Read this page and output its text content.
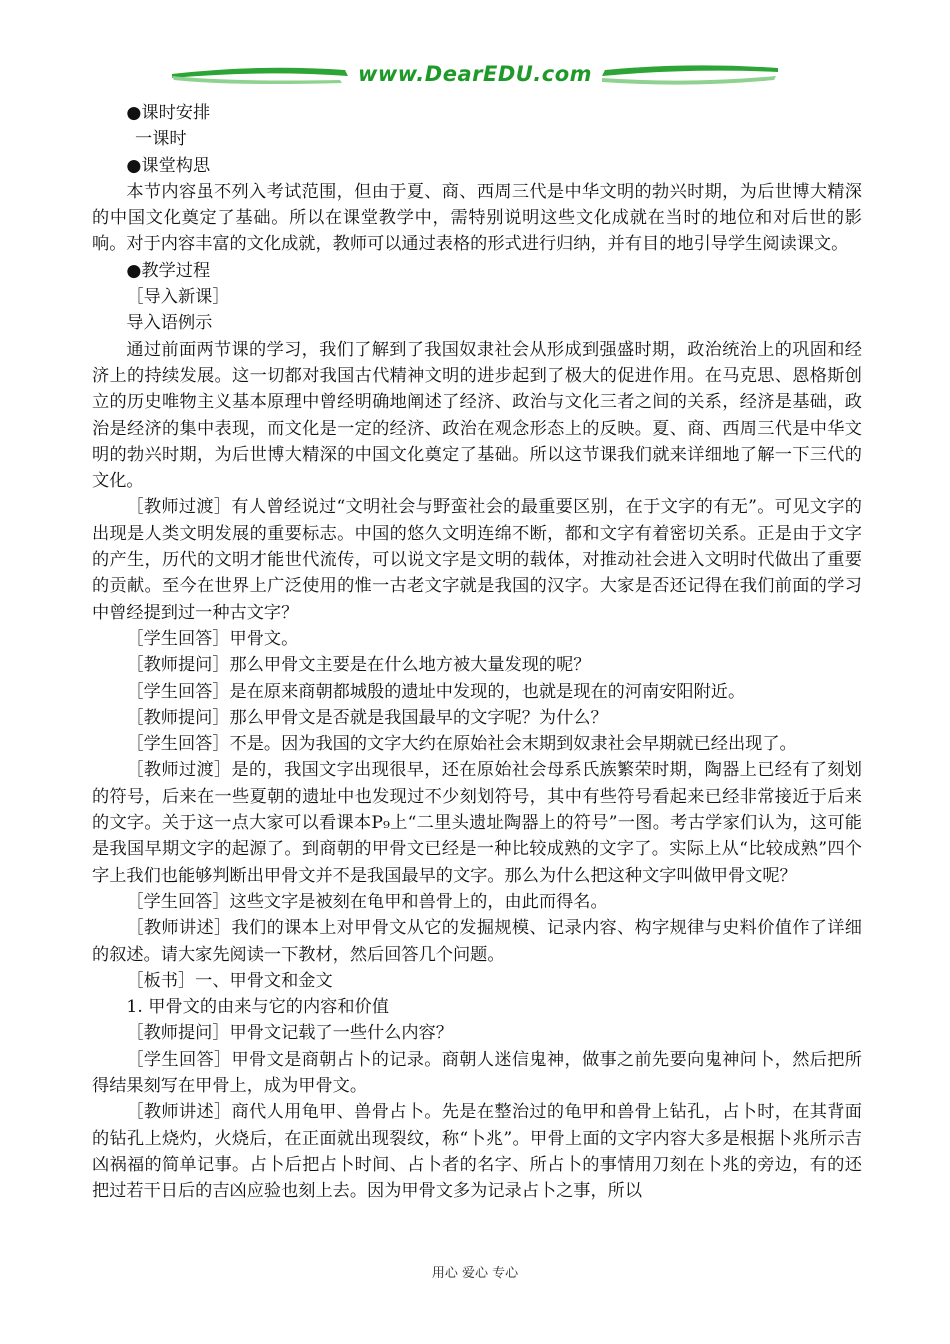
www.DearEDU.com

●课时安排

一课时

●课堂构思

本节内容虽不列入考试范围，但由于夏、商、西周三代是中华文明的勃兴时期，为后世博大精深的中国文化奠定了基础。所以在课堂教学中，需特别说明这些文化成就在当时的地位和对后世的影响。对于内容丰富的文化成就，教师可以通过表格的形式进行归纳，并有目的地引导学生阅读课文。

●教学过程

［导入新课］

导入语例示

通过前面两节课的学习，我们了解到了我国奴隶社会从形成到强盛时期，政治统治上的巩固和经济上的持续发展。这一切都对我国古代精神文明的进步起到了极大的促进作用。在马克思、恩格斯创立的历史唯物主义基本原理中曾经明确地阐述了经济、政治与文化三者之间的关系，经济是基础，政治是经济的集中表现，而文化是一定的经济、政治在观念形态上的反映。夏、商、西周三代是中华文明的勃兴时期，为后世博大精深的中国文化奠定了基础。所以这节课我们就来详细地了解一下三代的文化。

［教师过渡］有人曾经说过“文明社会与野蛮社会的最重要区别，在于文字的有无”。可见文字的出现是人类文明发展的重要标志。中国的悠久文明连绵不断，都和文字有着密切关系。正是由于文字的产生，历代的文明才能世代流传，可以说文字是文明的载体，对推动社会进入文明时代做出了重要的贡献。至今在世界上广泛使用的惟一古老文字就是我国的汉字。大家是否还记得在我们前面的学习中曾经提到过一种古文字？

［学生回答］甲骨文。

［教师提问］那么甲骨文主要是在什么地方被大量发现的呢？

［学生回答］是在原来商朝都城殷的遗址中发现的，也就是现在的河南安阳附近。

［教师提问］那么甲骨文是否就是我国最早的文字呢？为什么？

［学生回答］不是。因为我国的文字大约在原始社会末期到奴隶社会早期就已经出现了。

［教师过渡］是的，我国文字出现很早，还在原始社会母系氏族繁荣时期，陶器上已经有了刻划的符号，后来在一些夏朝的遗址中也发现过不少刻划符号，其中有些符号看起来已经非常接近于后来的文字。关于这一点大家可以看课本P₉上“二里头遗址陶器上的符号”一图。考古学家们认为，这可能是我国早期文字的起源了。到商朝的甲骨文已经是一种比较成熟的文字了。实际上从“比较成熟”四个字上我们也能够判断出甲骨文并不是我国最早的文字。那么为什么把这种文字叫做甲骨文呢？

［学生回答］这些文字是被刻在龟甲和兽骨上的，由此而得名。

［教师讲述］我们的课本上对甲骨文从它的发掘规模、记录内容、构字规律与史料价值作了详细的叙述。请大家先阅读一下教材，然后回答几个问题。

［板书］一、甲骨文和金文

1. 甲骨文的由来与它的内容和价值

［教师提问］甲骨文记载了一些什么内容？

［学生回答］甲骨文是商朝占卜的记录。商朝人迷信鬼神，做事之前先要向鬼神问卜，然后把所得结果刻写在甲骨上，成为甲骨文。

［教师讲述］商代人用龟甲、兽骨占卜。先是在整治过的龟甲和兽骨上钻孔，占卜时，在其背面的钻孔上烧灼，火烧后，在正面就出现裂纹，称“卜兆”。甲骨上面的文字内容大多是根据卜兆所示吉凶祸福的简单记事。占卜后把占卜时间、占卜者的名字、所占卜的事情用刀刻在卜兆的旁边，有的还把过若干日后的吉凶应验也刻上去。因为甲骨文多为记录占卜之事，所以

用心 爱心 专心
